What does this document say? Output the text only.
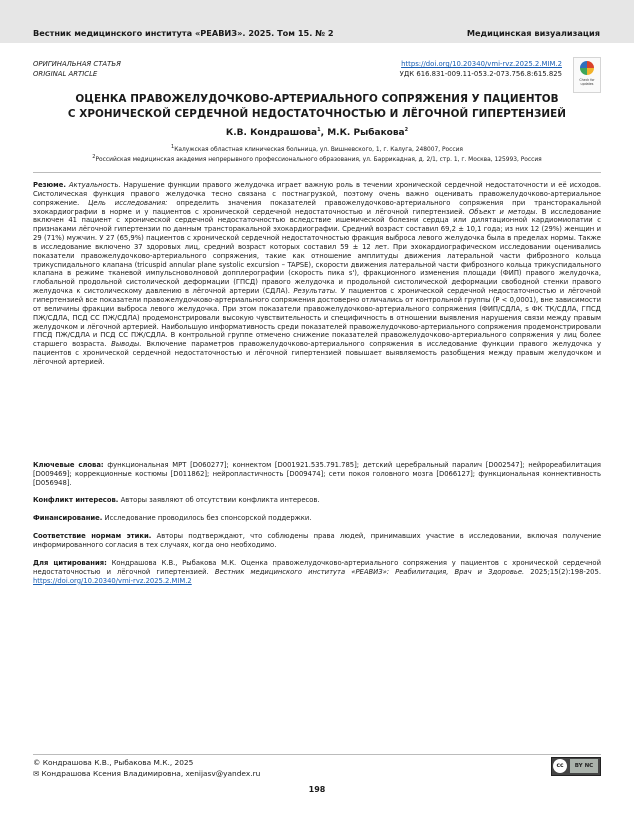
Вестник медицинского института «РЕАВИЗ». 2025. Том 15. № 2	Медицинская визуализация
ОРИГИНАЛЬНАЯ СТАТЬЯ
ORIGINAL ARTICLE
https://doi.org/10.20340/vmi-rvz.2025.2.MIM.2
УДК 616.831-009.11-053.2-073.756.8:615.825
Check for updates
ОЦЕНКА ПРАВОЖЕЛУДОЧКОВО-АРТЕРИАЛЬНОГО СОПРЯЖЕНИЯ У ПАЦИЕНТОВ
С ХРОНИЧЕСКОЙ СЕРДЕЧНОЙ НЕДОСТАТОЧНОСТЬЮ И ЛЁГОЧНОЙ ГИПЕРТЕНЗИЕЙ
К.В. Кондрашова$^1$, М.К. Рыбакова$^2$
$^1$Калужская областная клиническая больница, ул. Вишневского, 1, г. Калуга, 248007, Россия
$^2$Российская медицинская академия непрерывного профессионального образования, ул. Баррикадная, д. 2/1, стр. 1, г. Москва, 125993, Россия
Резюме. Актуальность. Нарушение функции правого желудочка играет важную роль в течении хронической сердечной недостаточности и её исходов. Систолическая функция правого желудочка тесно связана с постнагрузкой, поэтому очень важно оценивать правожелудочково-артериальное сопряжение. Цель исследования: определить значения показателей правожелудочково-артериального сопряжения при трансторакальной эхокардиографии в норме и у пациентов с хронической сердечной недостаточностью и лёгочной гипертензией. Объект и методы. В исследование включен 41 пациент с хронической сердечной недостаточностью вследствие ишемической болезни сердца или дилятационной кардиомиопатии с признаками лёгочной гипертензии по данным трансторакальной эхокардиографии. Средний возраст составил 69,2 ± 10,1 года; из них 12 (29%) женщин и 29 (71%) мужчин. У 27 (65,9%) пациентов с хронической сердечной недостаточностью фракция выброса левого желудочка была в пределах нормы. Также в исследование включено 37 здоровых лиц, средний возраст которых составил 59 ± 12 лет. При эхокардиографическом исследовании оценивались показатели правожелудочково-артериального сопряжения, такие как отношение амплитуды движения латеральной части фиброзного кольца трикуспидального клапана (tricuspid annular plane systolic excursion – TAPSE), скорости движения латеральной части фиброзного кольца трикуспидального клапана в режиме тканевой импульсноволновой допплерографии (скорость пика s'), фракционного изменения площади (ФИП) правого желудочка, глобальной продольной систолической деформации (ГПСД) правого желудочка и продольной систолической деформации свободной стенки правого желудочка к систолическому давлению в лёгочной артерии (СДЛА). Результаты. У пациентов с хронической сердечной недостаточностью и лёгочной гипертензией все показатели правожелудочково-артериального сопряжения достоверно отличались от контрольной группы (P < 0,0001), вне зависимости от величины фракции выброса левого желудочка. При этом показатели правожелудочково-артериального сопряжения (ФИП/СДЛА, s ФК ТК/СДЛА, ГПСД ПЖ/СДЛА, ПСД СС ПЖ/СДЛА) продемонстрировали высокую чувствительность и специфичность в отношении выявления нарушения связи между правым желудочком и лёгочной артерией. Наибольшую информативность среди показателей правожелудочково-артериального сопряжения продемонстрировали ГПСД ПЖ/СДЛА и ПСД СС ПЖ/СДЛА. В контрольной группе отмечено снижение показателей правожелудочково-артериального сопряжения у лиц более старшего возраста. Выводы. Включение параметров правожелудочково-артериального сопряжения в исследование функции правого желудочка у пациентов с хронической сердечной недостаточностью и лёгочной гипертензией повышает выявляемость разобщения между правым желудочком и лёгочной артерией.
Ключевые слова: функциональная МРТ [D060277]; коннектом [D001921.535.791.785]; детский церебральный паралич [D002547]; нейрореабилитация [D009469]; коррекционные костюмы [D011862]; нейропластичность [D009474]; сети покоя головного мозга [D066127]; функциональная коннективность [D056948].
Конфликт интересов. Авторы заявляют об отсутствии конфликта интересов.
Финансирование. Исследование проводилось без спонсорской поддержки.
Соответствие нормам этики. Авторы подтверждают, что соблюдены права людей, принимавших участие в исследовании, включая получение информированного согласия в тех случаях, когда оно необходимо.
Для цитирования: Кондрашова К.В., Рыбакова М.К. Оценка правожелудочково-артериального сопряжения у пациентов с хронической сердечной недостаточностью и лёгочной гипертензией. Вестник медицинского института «РЕАВИЗ»: Реабилитация, Врач и Здоровье. 2025;15(2):198-205. https://doi.org/10.20340/vmi-rvz.2025.2.MIM.2
© Кондрашова К.В., Рыбакова М.К., 2025
✉ Кондрашова Ксения Владимировна, xenijasv@yandex.ru
cc	BY NC
198
